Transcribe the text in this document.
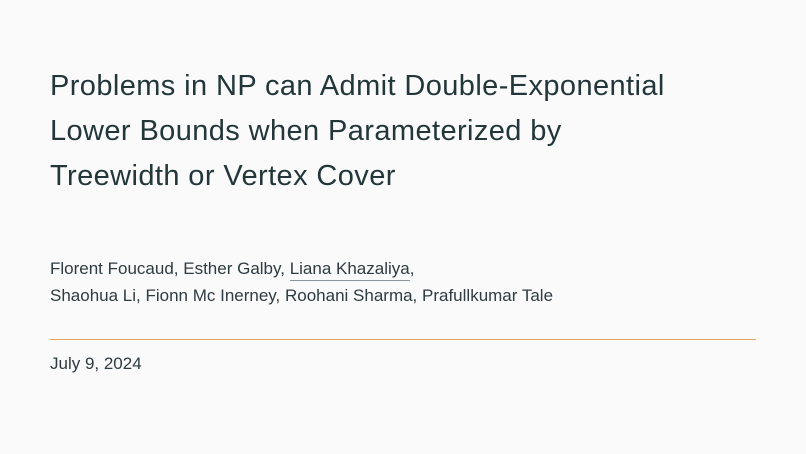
Problems in NP can Admit Double-Exponential
Lower Bounds when Parameterized by
Treewidth or Vertex Cover
Florent Foucaud, Esther Galby, Liana Khazaliya,
Shaohua Li, Fionn Mc Inerney, Roohani Sharma, Prafullkumar Tale
July 9, 2024
